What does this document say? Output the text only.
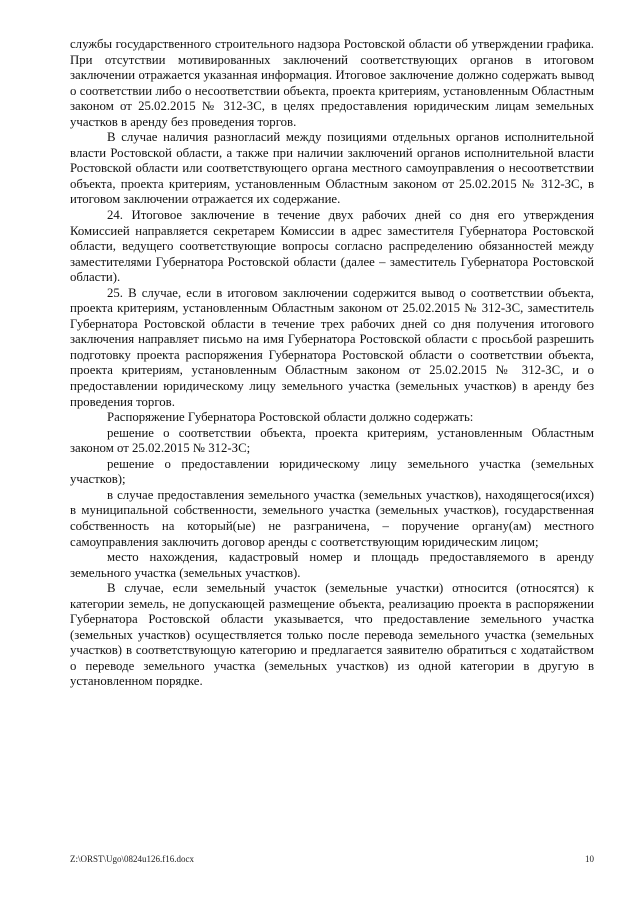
службы государственного строительного надзора Ростовской области об утверждении графика. При отсутствии мотивированных заключений соответствующих органов в итоговом заключении отражается указанная информация. Итоговое заключение должно содержать вывод о соответствии либо о несоответствии объекта, проекта критериям, установленным Областным законом от 25.02.2015 № 312-ЗС, в целях предоставления юридическим лицам земельных участков в аренду без проведения торгов.

В случае наличия разногласий между позициями отдельных органов исполнительной власти Ростовской области, а также при наличии заключений органов исполнительной власти Ростовской области или соответствующего органа местного самоуправления о несоответствии объекта, проекта критериям, установленным Областным законом от 25.02.2015 № 312-ЗС, в итоговом заключении отражается их содержание.

24. Итоговое заключение в течение двух рабочих дней со дня его утверждения Комиссией направляется секретарем Комиссии в адрес заместителя Губернатора Ростовской области, ведущего соответствующие вопросы согласно распределению обязанностей между заместителями Губернатора Ростовской области (далее – заместитель Губернатора Ростовской области).

25. В случае, если в итоговом заключении содержится вывод о соответствии объекта, проекта критериям, установленным Областным законом от 25.02.2015 № 312-ЗС, заместитель Губернатора Ростовской области в течение трех рабочих дней со дня получения итогового заключения направляет письмо на имя Губернатора Ростовской области с просьбой разрешить подготовку проекта распоряжения Губернатора Ростовской области о соответствии объекта, проекта критериям, установленным Областным законом от 25.02.2015 № 312-ЗС, и о предоставлении юридическому лицу земельного участка (земельных участков) в аренду без проведения торгов.

Распоряжение Губернатора Ростовской области должно содержать:

решение о соответствии объекта, проекта критериям, установленным Областным законом от 25.02.2015 № 312-ЗС;

решение о предоставлении юридическому лицу земельного участка (земельных участков);

в случае предоставления земельного участка (земельных участков), находящегося(ихся) в муниципальной собственности, земельного участка (земельных участков), государственная собственность на который(ые) не разграничена, – поручение органу(ам) местного самоуправления заключить договор аренды с соответствующим юридическим лицом;

место нахождения, кадастровый номер и площадь предоставляемого в аренду земельного участка (земельных участков).

В случае, если земельный участок (земельные участки) относится (относятся) к категории земель, не допускающей размещение объекта, реализацию проекта в распоряжении Губернатора Ростовской области указывается, что предоставление земельного участка (земельных участков) осуществляется только после перевода земельного участка (земельных участков) в соответствующую категорию и предлагается заявителю обратиться с ходатайством о переводе земельного участка (земельных участков) из одной категории в другую в установленном порядке.

Z:\ORST\Ugo\0824u126.f16.docx	10
